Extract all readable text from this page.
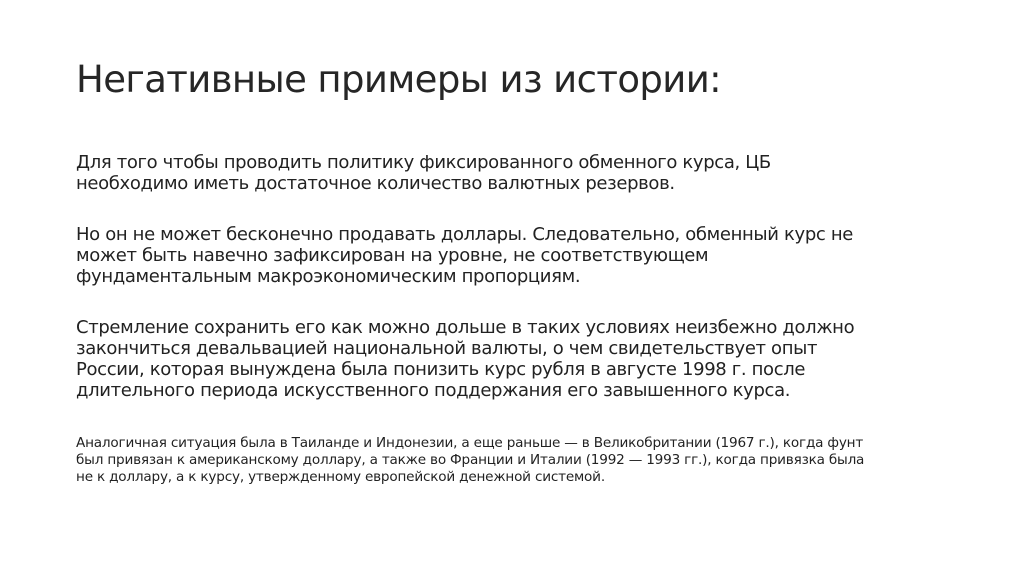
Негативные примеры из истории:

Для того чтобы проводить политику фиксированного обменного курса, ЦБ
необходимо иметь достаточное количество валютных резервов.

Но он не может бесконечно продавать доллары. Следовательно, обменный курс не
может быть навечно зафиксирован на уровне, не соответствующем
фундаментальным макроэкономическим пропорциям.

Стремление сохранить его как можно дольше в таких условиях неизбежно должно
закончиться девальвацией национальной валюты, о чем свидетельствует опыт
России, которая вынуждена была понизить курс рубля в августе 1998 г. после
длительного периода искусственного поддержания его завышенного курса.

Аналогичная ситуация была в Таиланде и Индонезии, а еще раньше — в Великобритании (1967 г.), когда фунт
был привязан к американскому доллару, а также во Франции и Италии (1992 — 1993 гг.), когда привязка была
не к доллару, а к курсу, утвержденному европейской денежной системой.
